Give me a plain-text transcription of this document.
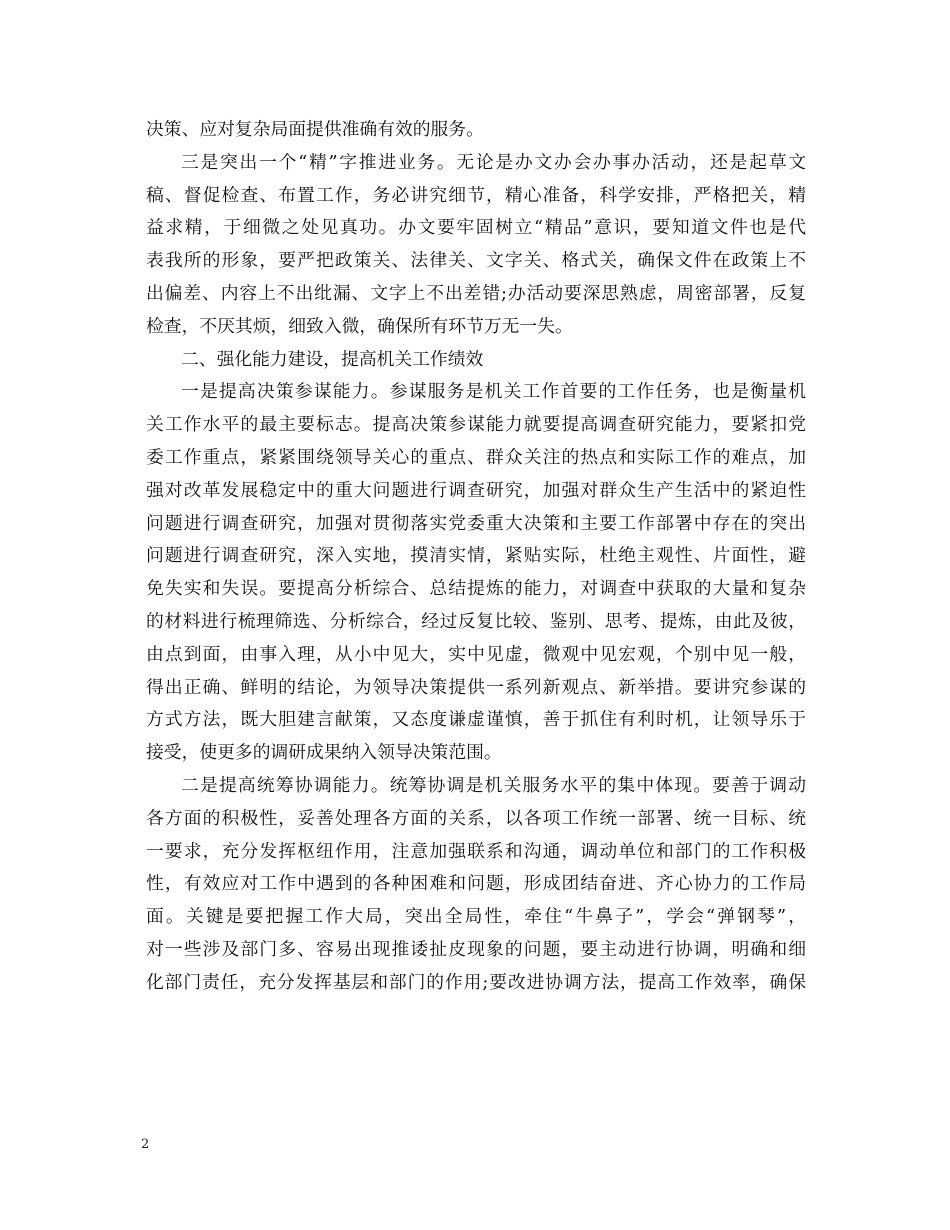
决策、应对复杂局面提供准确有效的服务。
三是突出一个“精”字推进业务。无论是办文办会办事办活动，还是起草文
稿、督促检查、布置工作，务必讲究细节，精心准备，科学安排，严格把关，精
益求精，于细微之处见真功。办文要牢固树立“精品”意识，要知道文件也是代
表我所的形象，要严把政策关、法律关、文字关、格式关，确保文件在政策上不
出偏差、内容上不出纰漏、文字上不出差错;办活动要深思熟虑，周密部署，反复
检查，不厌其烦，细致入微，确保所有环节万无一失。
二、强化能力建设，提高机关工作绩效
一是提高决策参谋能力。参谋服务是机关工作首要的工作任务，也是衡量机
关工作水平的最主要标志。提高决策参谋能力就要提高调查研究能力，要紧扣党
委工作重点，紧紧围绕领导关心的重点、群众关注的热点和实际工作的难点，加
强对改革发展稳定中的重大问题进行调查研究，加强对群众生产生活中的紧迫性
问题进行调查研究，加强对贯彻落实党委重大决策和主要工作部署中存在的突出
问题进行调查研究，深入实地，摸清实情，紧贴实际，杜绝主观性、片面性，避
免失实和失误。要提高分析综合、总结提炼的能力，对调查中获取的大量和复杂
的材料进行梳理筛选、分析综合，经过反复比较、鉴别、思考、提炼，由此及彼，
由点到面，由事入理，从小中见大，实中见虚，微观中见宏观，个别中见一般，
得出正确、鲜明的结论，为领导决策提供一系列新观点、新举措。要讲究参谋的
方式方法，既大胆建言献策，又态度谦虚谨慎，善于抓住有利时机，让领导乐于
接受，使更多的调研成果纳入领导决策范围。
二是提高统筹协调能力。统筹协调是机关服务水平的集中体现。要善于调动
各方面的积极性，妥善处理各方面的关系，以各项工作统一部署、统一目标、统
一要求，充分发挥枢纽作用，注意加强联系和沟通，调动单位和部门的工作积极
性，有效应对工作中遇到的各种困难和问题，形成团结奋进、齐心协力的工作局
面。关键是要把握工作大局，突出全局性，牵住“牛鼻子”，学会“弹钢琴”，
对一些涉及部门多、容易出现推诿扯皮现象的问题，要主动进行协调，明确和细
化部门责任，充分发挥基层和部门的作用;要改进协调方法，提高工作效率，确保
2
